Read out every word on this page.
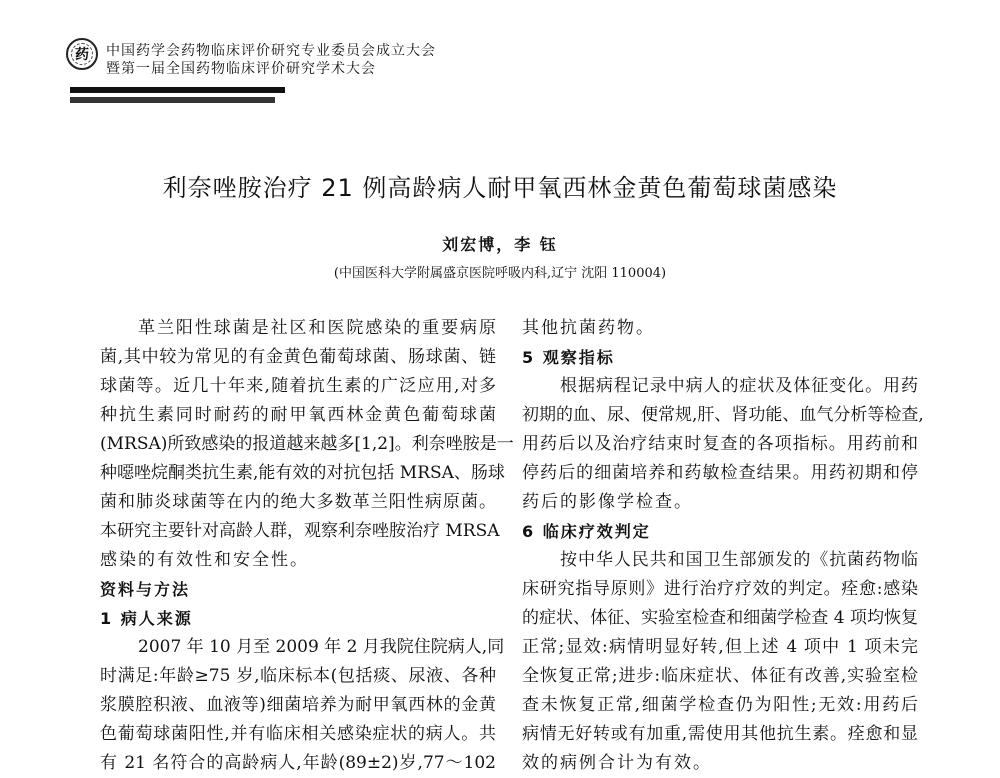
药	中国药学会药物临床评价研究专业委员会成立大会
暨第一届全国药物临床评价研究学术大会
利奈唑胺治疗 21 例高龄病人耐甲氧西林金黄色葡萄球菌感染
刘宏博，李 钰
(中国医科大学附属盛京医院呼吸内科,辽宁 沈阳 110004)
革兰阳性球菌是社区和医院感染的重要病原
菌,其中较为常见的有金黄色葡萄球菌、肠球菌、链
球菌等。近几十年来,随着抗生素的广泛应用,对多
种抗生素同时耐药的耐甲氧西林金黄色葡萄球菌
(MRSA)所致感染的报道越来越多[1,2]。利奈唑胺是一
种噁唑烷酮类抗生素,能有效的对抗包括 MRSA、肠球
菌和肺炎球菌等在内的绝大多数革兰阳性病原菌。
本研究主要针对高龄人群，观察利奈唑胺治疗 MRSA
感染的有效性和安全性。
资料与方法
1 病人来源
2007 年 10 月至 2009 年 2 月我院住院病人,同
时满足:年龄≥75 岁,临床标本(包括痰、尿液、各种
浆膜腔积液、血液等)细菌培养为耐甲氧西林的金黄
色葡萄球菌阳性,并有临床相关感染症状的病人。共
有 21 名符合的高龄病人,年龄(89±2)岁,77～102
其他抗菌药物。
5 观察指标
根据病程记录中病人的症状及体征变化。用药
初期的血、尿、便常规,肝、肾功能、血气分析等检查,
用药后以及治疗结束时复查的各项指标。用药前和
停药后的细菌培养和药敏检查结果。用药初期和停
药后的影像学检查。
6 临床疗效判定
按中华人民共和国卫生部颁发的《抗菌药物临
床研究指导原则》进行治疗疗效的判定。痊愈:感染
的症状、体征、实验室检查和细菌学检查 4 项均恢复
正常;显效:病情明显好转,但上述 4 项中 1 项未完
全恢复正常;进步:临床症状、体征有改善,实验室检
查未恢复正常,细菌学检查仍为阳性;无效:用药后
病情无好转或有加重,需使用其他抗生素。痊愈和显
效的病例合计为有效。
